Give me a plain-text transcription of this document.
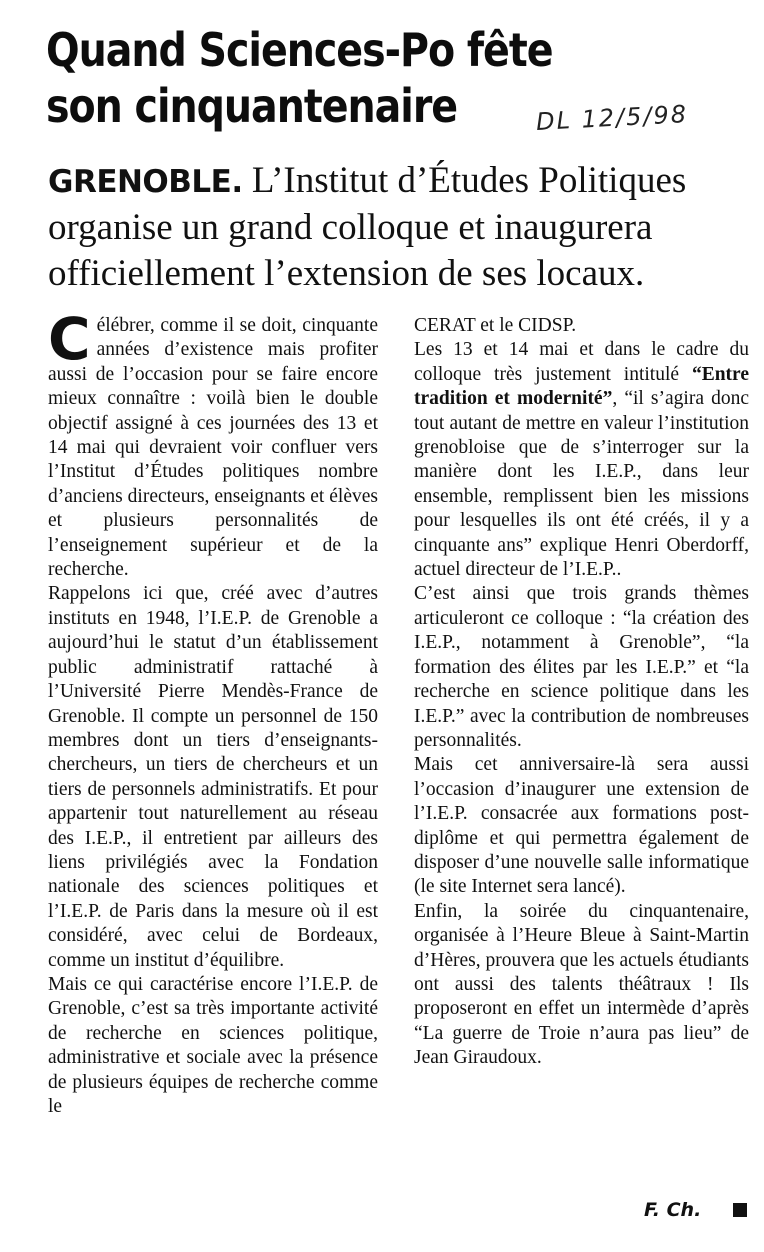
Quand Sciences-Po fête
son cinquantenaire	DL 12/5/98
GRENOBLE. L’Institut d’Études Politiques
organise un grand colloque et inaugurera
officiellement l’extension de ses locaux.

Célébrer, comme il se doit, cinquante années d’existence mais profiter aussi de l’occasion pour se faire encore mieux connaître : voilà bien le double objectif assigné à ces journées des 13 et 14 mai qui devraient voir confluer vers l’Institut d’Études politiques nombre d’anciens directeurs, enseignants et élèves et plusieurs personnalités de l’enseignement supérieur et de la recherche.

Rappelons ici que, créé avec d’autres instituts en 1948, l’I.E.P. de Grenoble a aujourd’hui le statut d’un établissement public administratif rattaché à l’Université Pierre Mendès-France de Grenoble. Il compte un personnel de 150 membres dont un tiers d’enseignants-chercheurs, un tiers de chercheurs et un tiers de personnels administratifs. Et pour appartenir tout naturellement au réseau des I.E.P., il entretient par ailleurs des liens privilégiés avec la Fondation nationale des sciences politiques et l’I.E.P. de Paris dans la mesure où il est considéré, avec celui de Bordeaux, comme un institut d’équilibre.

Mais ce qui caractérise encore l’I.E.P. de Grenoble, c’est sa très importante activité de recherche en sciences politique, administrative et sociale avec la présence de plusieurs équipes de recherche comme le

CERAT et le CIDSP.

Les 13 et 14 mai et dans le cadre du colloque très justement intitulé “Entre tradition et modernité”, “il s’agira donc tout autant de mettre en valeur l’institution grenobloise que de s’interroger sur la manière dont les I.E.P., dans leur ensemble, remplissent bien les missions pour lesquelles ils ont été créés, il y a cinquante ans” explique Henri Oberdorff, actuel directeur de l’I.E.P..

C’est ainsi que trois grands thèmes articuleront ce colloque : “la création des I.E.P., notamment à Grenoble”, “la formation des élites par les I.E.P.” et “la recherche en science politique dans les I.E.P.” avec la contribution de nombreuses personnalités.

Mais cet anniversaire-là sera aussi l’occasion d’inaugurer une extension de l’I.E.P. consacrée aux formations post-diplôme et qui permettra également de disposer d’une nouvelle salle informatique (le site Internet sera lancé).

Enfin, la soirée du cinquantenaire, organisée à l’Heure Bleue à Saint-Martin d’Hères, prouvera que les actuels étudiants ont aussi des talents théâtraux ! Ils proposeront en effet un intermède d’après “La guerre de Troie n’aura pas lieu” de Jean Giraudoux.

F. Ch.
